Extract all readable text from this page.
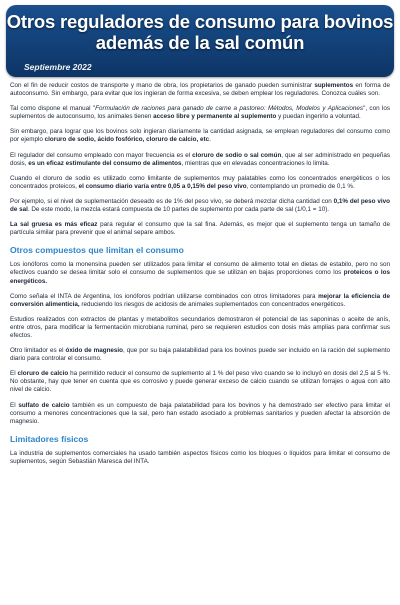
Otros reguladores de consumo para bovinos además de la sal común
Septiembre 2022

Con el fin de reducir costos de transporte y mano de obra, los propietarios de ganado pueden suministrar suplementos en forma de autoconsumo. Sin embargo, para evitar que los ingieran de forma excesiva, se deben emplear los reguladores. Conozca cuáles son.

Tal como dispone el manual "Formulación de raciones para ganado de carne a pastoreo: Métodos, Modelos y Aplicaciones", con los suplementos de autoconsumo, los animales tienen acceso libre y permanente al suplemento y puedan ingerirlo a voluntad.

Sin embargo, para lograr que los bovinos solo ingieran diariamente la cantidad asignada, se emplean reguladores del consumo como por ejemplo cloruro de sodio, ácido fosfórico, cloruro de calcio, etc.

El regulador del consumo empleado con mayor frecuencia es el cloruro de sodio o sal común, que al ser administrado en pequeñas dosis, es un eficaz estimulante del consumo de alimentos, mientras que en elevadas concentraciones lo limita.

Cuando el cloruro de sodio es utilizado como limitante de suplementos muy palatables como los concentrados energéticos o los concentrados proteicos, el consumo diario varía entre 0,05 a 0,15% del peso vivo, contemplando un promedio de 0,1 %.

Por ejemplo, si el nivel de suplementación deseado es de 1% del peso vivo, se deberá mezclar dicha cantidad con 0,1% del peso vivo de sal. De este modo, la mezcla estará compuesta de 10 partes de suplemento por cada parte de sal (1/0,1 = 10).

La sal gruesa es más eficaz para regular el consumo que la sal fina. Además, es mejor que el suplemento tenga un tamaño de partícula similar para prevenir que el animal separe ambos.

Otros compuestos que limitan el consumo

Los ionóforos como la monensina pueden ser utilizados para limitar el consumo de alimento total en dietas de estabilo, pero no son efectivos cuando se desea limitar solo el consumo de suplementos que se utilizan en bajas proporciones como los proteicos o los energéticos.

Como señala el INTA de Argentina, los ionóforos podrían utilizarse combinados con otros limitadores para mejorar la eficiencia de conversión alimenticia, reduciendo los riesgos de acidosis de animales suplementados con concentrados energéticos.

Estudios realizados con extractos de plantas y metabolitos secundarios demostraron el potencial de las saponinas o aceite de anís, entre otros, para modificar la fermentación microbiana ruminal, pero se requieren estudios con dosis más amplias para confirmar sus efectos.

Otro limitador es el óxido de magnesio, que por su baja palatabilidad para los bovinos puede ser incluido en la ración del suplemento diario para controlar el consumo.

El cloruro de calcio ha permitido reducir el consumo de suplemento al 1 % del peso vivo cuando se lo incluyó en dosis del 2,5 al 5 %. No obstante, hay que tener en cuenta que es corrosivo y puede generar exceso de calcio cuando se utilizan forrajes o agua con alto nivel de calcio.

El sulfato de calcio también es un compuesto de baja palatabilidad para los bovinos y ha demostrado ser efectivo para limitar el consumo a menores concentraciones que la sal, pero han estado asociado a problemas sanitarios y pueden afectar la absorción de magnesio.

Limitadores físicos

La industria de suplementos comerciales ha usado también aspectos físicos como los bloques o líquidos para limitar el consumo de suplementos, según Sebastián Maresca del INTA.
